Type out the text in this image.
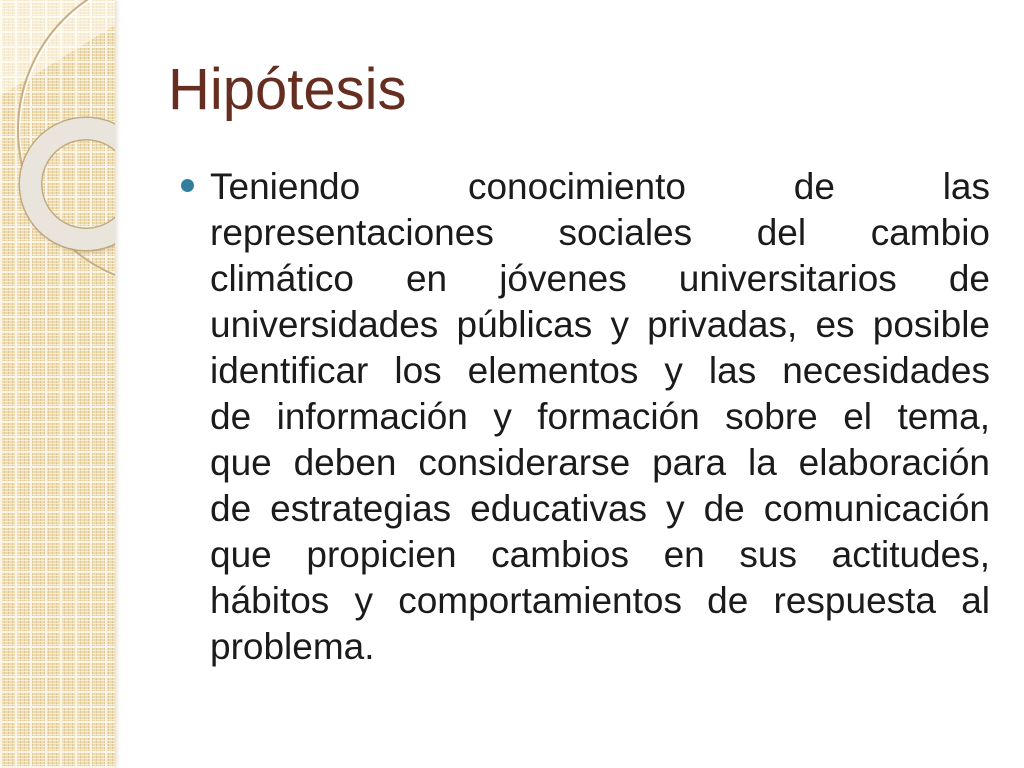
Hipótesis
Teniendo conocimiento de las
representaciones sociales del cambio
climático en jóvenes universitarios de
universidades públicas y privadas, es posible
identificar los elementos y las necesidades
de información y formación sobre el tema,
que deben considerarse para la elaboración
de estrategias educativas y de comunicación
que propicien cambios en sus actitudes,
hábitos y comportamientos de respuesta al
problema.
